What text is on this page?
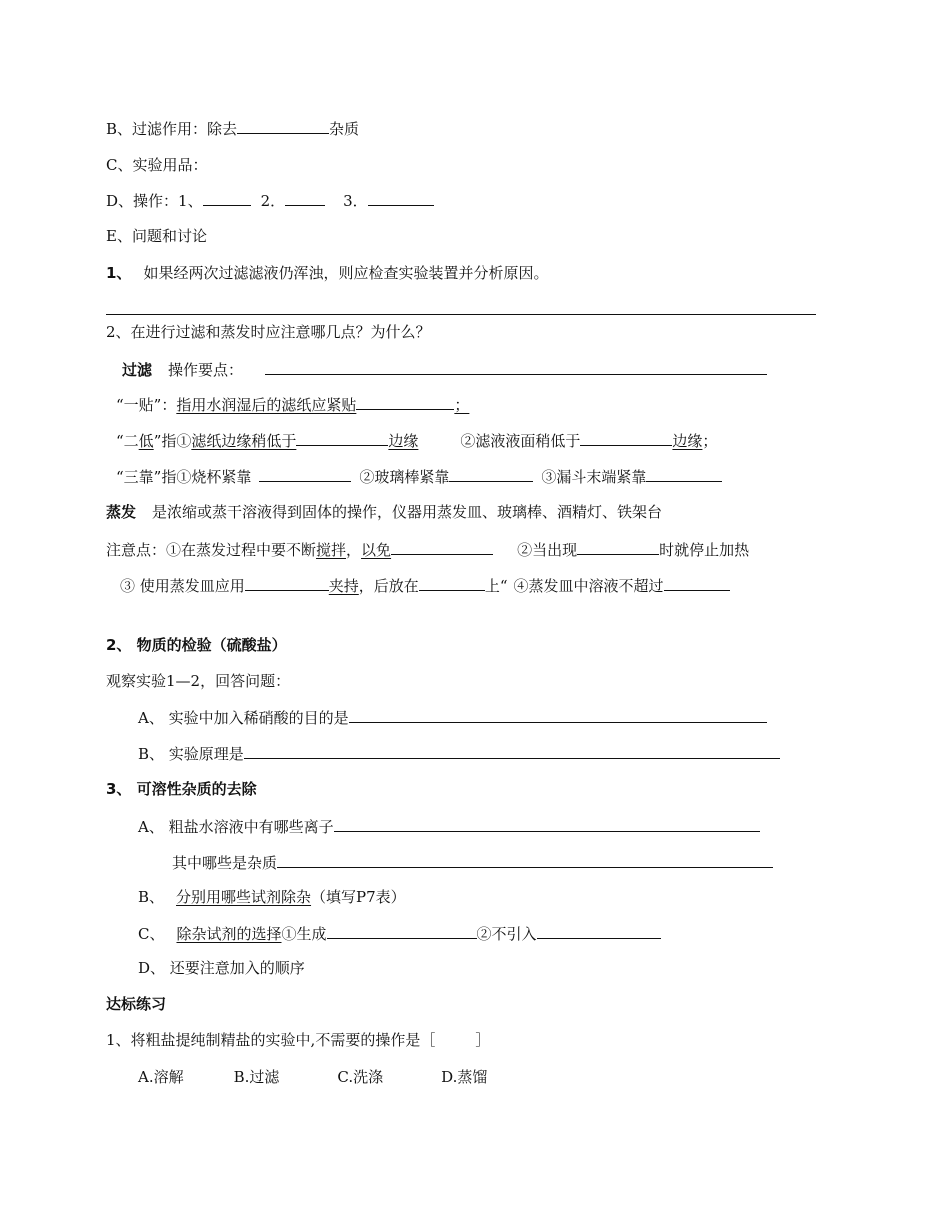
B、过滤作用：除去	杂质
C、实验用品：
D、操作：1、	2．	3．
E、问题和讨论
1、 如果经两次过滤滤液仍浑浊，则应检查实验装置并分析原因。
2、在进行过滤和蒸发时应注意哪几点？为什么？
过滤 操作要点：
“一贴”：指用水润湿后的滤纸应紧贴	；
“二低”指①滤纸边缘稍低于	边缘	②滤液液面稍低于	边缘；
“三靠”指①烧杯紧靠	②玻璃棒紧靠	③漏斗末端紧靠
蒸发 是浓缩或蒸干溶液得到固体的操作，仪器用蒸发皿、玻璃棒、酒精灯、铁架台
注意点：①在蒸发过程中要不断搅拌，以免	②当出现	时就停止加热
③ 使用蒸发皿应用	夹持，后放在	上“ ④蒸发皿中溶液不超过
2、 物质的检验（硫酸盐）
观察实验1—2，回答问题：
A、 实验中加入稀硝酸的目的是
B、 实验原理是
3、 可溶性杂质的去除
A、 粗盐水溶液中有哪些离子
其中哪些是杂质
B、 分别用哪些试剂除杂（填写P7表）
C、 除杂试剂的选择①生成	②不引入
D、 还要注意加入的顺序
达标练习
1、将粗盐提纯制精盐的实验中,不需要的操作是［	］
A.溶解	B.过滤	C.洗涤	D.蒸馏
